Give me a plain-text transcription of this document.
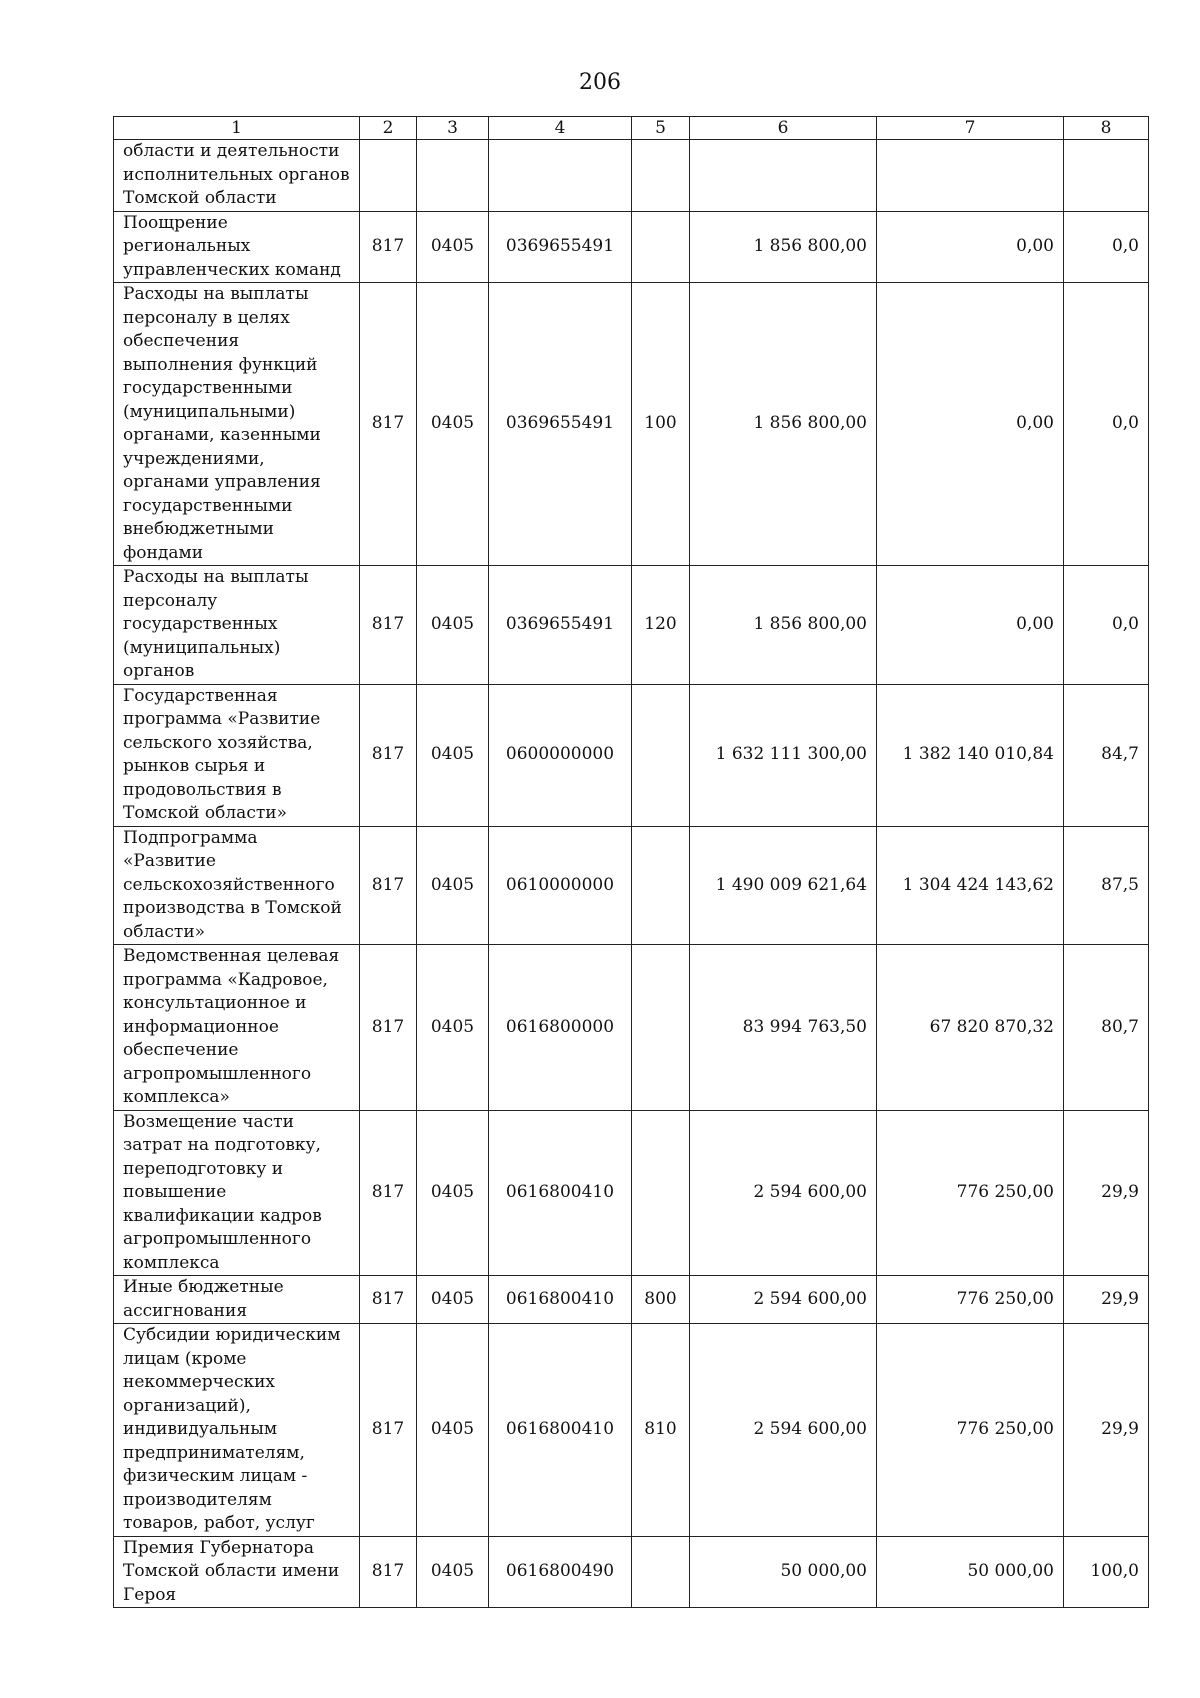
206
1	2	3	4	5	6	7	8
области и деятельности исполнительных органов Томской области							
Поощрение региональных управленческих команд	817	0405	0369655491		1 856 800,00	0,00	0,0
Расходы на выплаты персоналу в целях обеспечения выполнения функций государственными (муниципальными) органами, казенными учреждениями, органами управления государственными внебюджетными фондами	817	0405	0369655491	100	1 856 800,00	0,00	0,0
Расходы на выплаты персоналу государственных (муниципальных) органов	817	0405	0369655491	120	1 856 800,00	0,00	0,0
Государственная программа «Развитие сельского хозяйства, рынков сырья и продовольствия в Томской области»	817	0405	0600000000		1 632 111 300,00	1 382 140 010,84	84,7
Подпрограмма «Развитие сельскохозяйственного производства в Томской области»	817	0405	0610000000		1 490 009 621,64	1 304 424 143,62	87,5
Ведомственная целевая программа «Кадровое, консультационное и информационное обеспечение агропромышленного комплекса»	817	0405	0616800000		83 994 763,50	67 820 870,32	80,7
Возмещение части затрат на подготовку, переподготовку и повышение квалификации кадров агропромышленного комплекса	817	0405	0616800410		2 594 600,00	776 250,00	29,9
Иные бюджетные ассигнования	817	0405	0616800410	800	2 594 600,00	776 250,00	29,9
Субсидии юридическим лицам (кроме некоммерческих организаций), индивидуальным предпринимателям, физическим лицам - производителям товаров, работ, услуг	817	0405	0616800410	810	2 594 600,00	776 250,00	29,9
Премия Губернатора Томской области имени Героя	817	0405	0616800490		50 000,00	50 000,00	100,0
